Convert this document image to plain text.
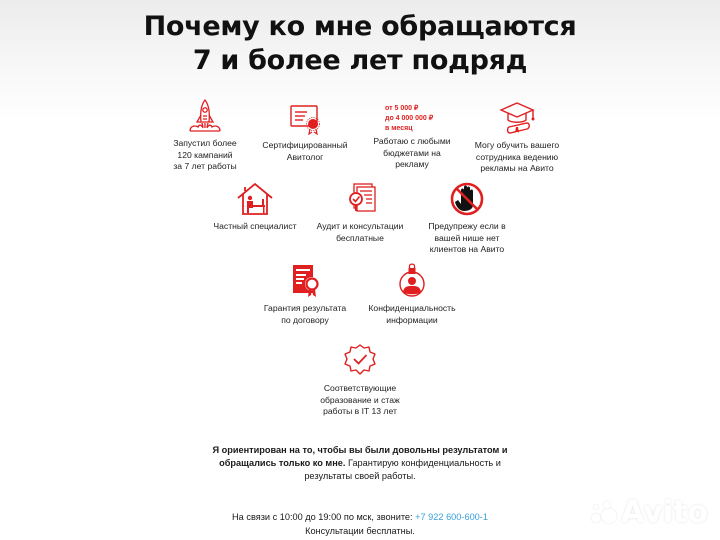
Почему ко мне обращаются
7 и более лет подряд
Запустил более
120 кампаний
за 7 лет работы
Сертифицированный
Авитолог
от 5 000 ₽
до 4 000 000 ₽
в месяц
Работаю с любыми
бюджетами на
рекламу
Могу обучить вашего
сотрудника ведению
рекламы на Авито
Частный специалист	Аудит и консультации
бесплатные
Предупрежу если в
вашей нише нет
клиентов на Авито
Гарантия результата
по договору
Конфиденциальность
информации
Соответствующие
образование и стаж
работы в IT 13 лет
Я ориентирован на то, чтобы вы были довольны результатом и обращались только ко мне. Гарантирую конфиденциальность и результаты своей работы.
На связи с 10:00 до 19:00 по мск, звоните: +7 922 600-600-1
Консультации бесплатны.
Avito
